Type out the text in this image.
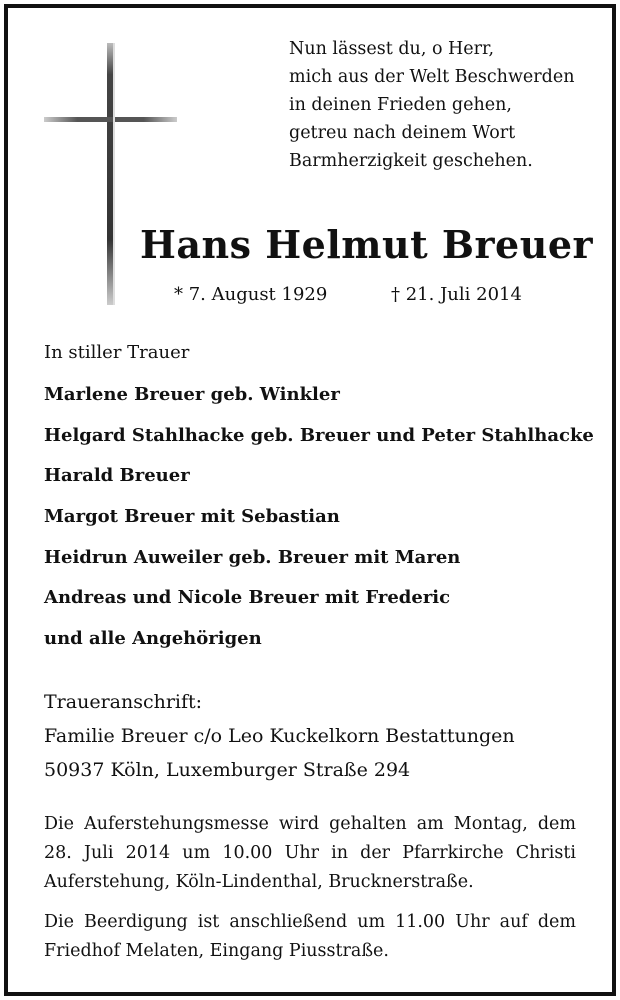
Nun lässest du, o Herr,
mich aus der Welt Beschwerden
in deinen Frieden gehen,
getreu nach deinem Wort
Barmherzigkeit geschehen.
Hans Helmut Breuer
* 7. August 1929	† 21. Juli 2014
In stiller Trauer
Marlene Breuer geb. Winkler
Helgard Stahlhacke geb. Breuer und Peter Stahlhacke
Harald Breuer
Margot Breuer mit Sebastian
Heidrun Auweiler geb. Breuer mit Maren
Andreas und Nicole Breuer mit Frederic
und alle Angehörigen
Traueranschrift:
Familie Breuer c/o Leo Kuckelkorn Bestattungen
50937 Köln, Luxemburger Straße 294
Die Auferstehungsmesse wird gehalten am Montag, dem
28. Juli 2014 um 10.00 Uhr in der Pfarrkirche Christi
Auferstehung, Köln-Lindenthal, Brucknerstraße.
Die Beerdigung ist anschließend um 11.00 Uhr auf dem
Friedhof Melaten, Eingang Piusstraße.
